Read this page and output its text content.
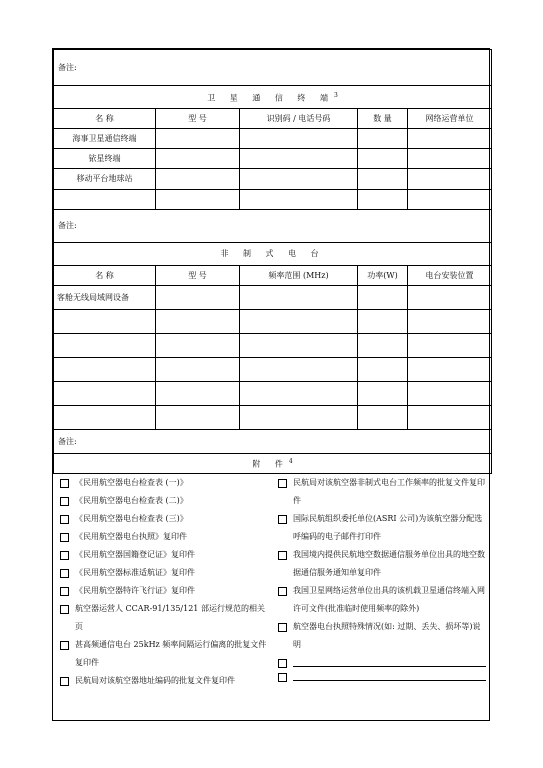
备注:				
卫 星 通 信 终 端$^3$
名 称	型 号	识别码 / 电话号码	数 量	网络运营单位
海事卫星通信终端				
铱星终端				
移动平台地球站				

备注:				
非 制 式 电 台				
名 称	型 号	频率范围 (MHz)	功率(W)	电台安装位置
客舱无线局域网设备				

备注:				
附 件$^4$
《民用航空器电台检查表 (一)》
《民用航空器电台检查表 (二)》
《民用航空器电台检查表 (三)》
《民用航空器电台执照》复印件
《民用航空器国籍登记证》复印件
《民用航空器标准适航证》复印件
《民用航空器特许飞行证》复印件
航空器运营人 CCAR-91/135/121 部运行规范的相关页
甚高频通信电台 25kHz 频率间隔运行偏离的批复文件复印件
民航局对该航空器地址编码的批复文件复印件

民航局对该航空器非制式电台工作频率的批复文件复印件
国际民航组织委托单位(ASRI 公司)为该航空器分配选呼编码的电子邮件打印件
我国境内提供民航地空数据通信服务单位出具的地空数据通信服务通知单复印件
我国卫星网络运营单位出具的该机载卫星通信终端入网许可文件(批准临时使用频率的除外)
航空器电台执照特殊情况(如: 过期、丢失、损坏等)说明
